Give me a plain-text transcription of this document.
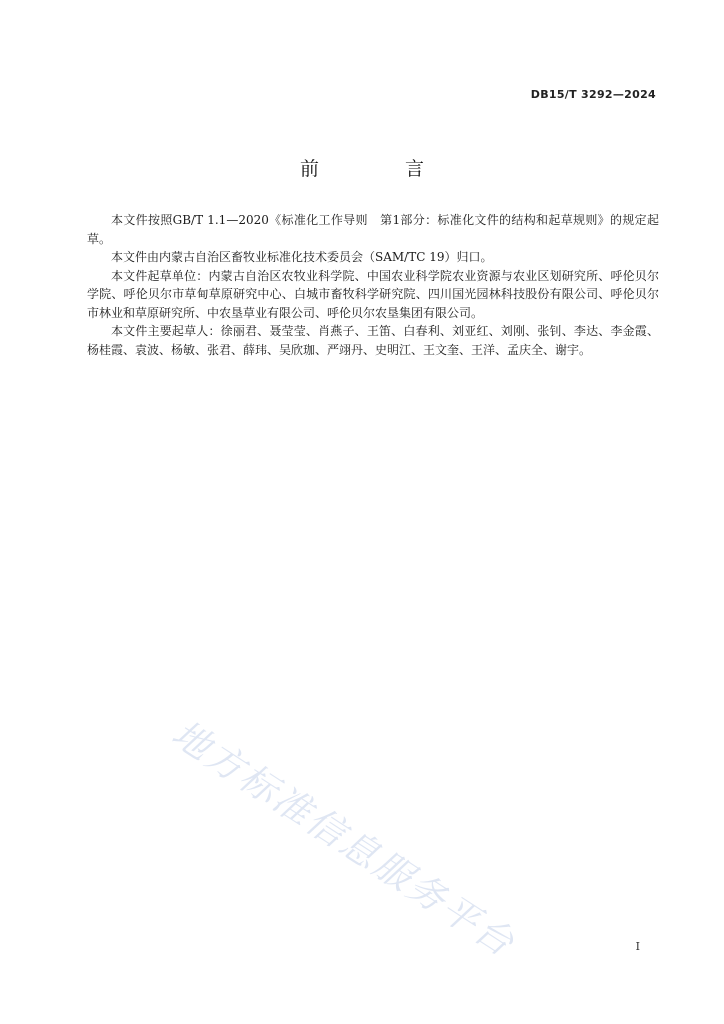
DB15/T 3292—2024
前 言

本文件按照GB/T 1.1—2020《标准化工作导则　第1部分：标准化文件的结构和起草规则》的规定起草。

本文件由内蒙古自治区畜牧业标准化技术委员会（SAM/TC 19）归口。

本文件起草单位：内蒙古自治区农牧业科学院、中国农业科学院农业资源与农业区划研究所、呼伦贝尔学院、呼伦贝尔市草甸草原研究中心、白城市畜牧科学研究院、四川国光园林科技股份有限公司、呼伦贝尔市林业和草原研究所、中农垦草业有限公司、呼伦贝尔农垦集团有限公司。

本文件主要起草人：徐丽君、聂莹莹、肖燕子、王笛、白春利、刘亚红、刘刚、张钊、李达、李金霞、杨桂霞、袁波、杨敏、张君、薛玮、吴欣珈、严翊丹、史明江、王文奎、王洋、孟庆全、谢宇。

地方标准信息服务平台	I
